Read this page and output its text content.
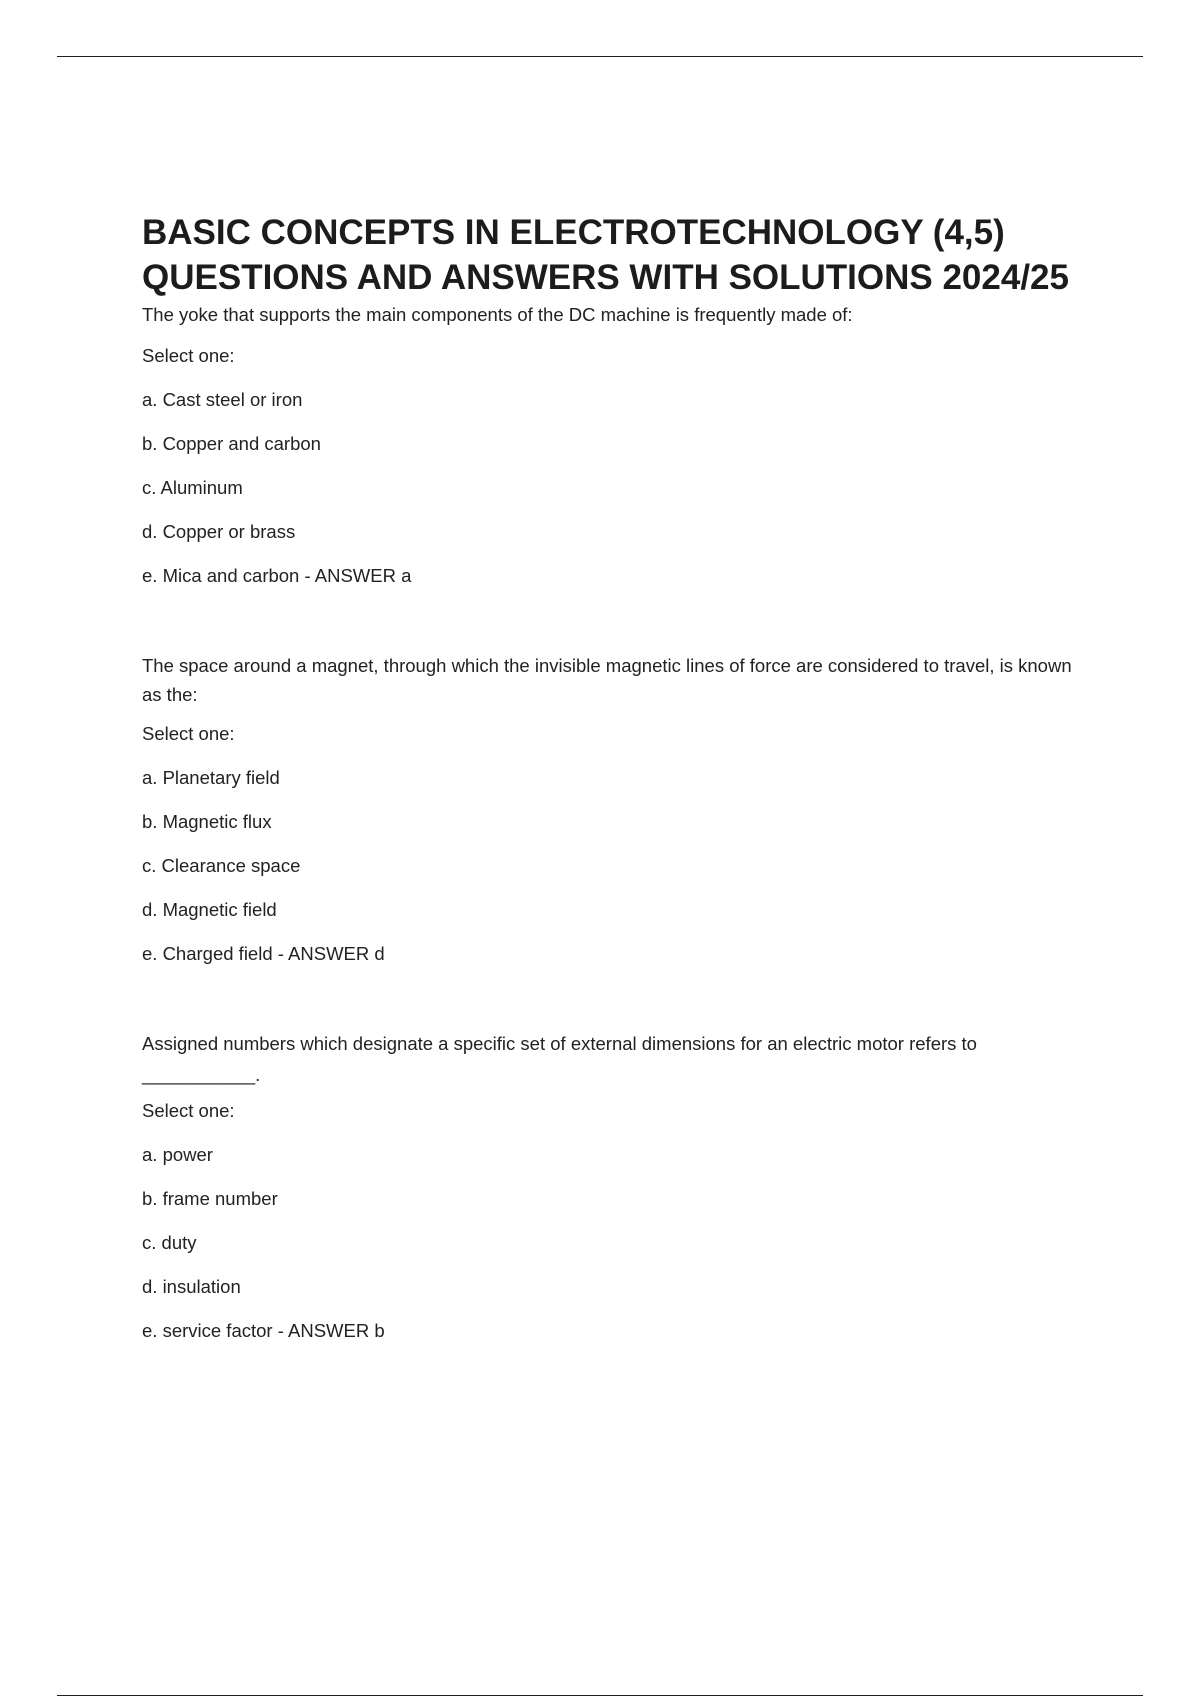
BASIC CONCEPTS IN ELECTROTECHNOLOGY (4,5) QUESTIONS AND ANSWERS WITH SOLUTIONS 2024/25

The yoke that supports the main components of the DC machine is frequently made of:

Select one:

a. Cast steel or iron

b. Copper and carbon

c. Aluminum

d. Copper or brass

e. Mica and carbon - ANSWER a

The space around a magnet, through which the invisible magnetic lines of force are considered to travel, is known as the:

Select one:

a. Planetary field

b. Magnetic flux

c. Clearance space

d. Magnetic field

e. Charged field - ANSWER d

Assigned numbers which designate a specific set of external dimensions for an electric motor refers to

___________.

Select one:

a. power

b. frame number

c. duty

d. insulation

e. service factor - ANSWER b
